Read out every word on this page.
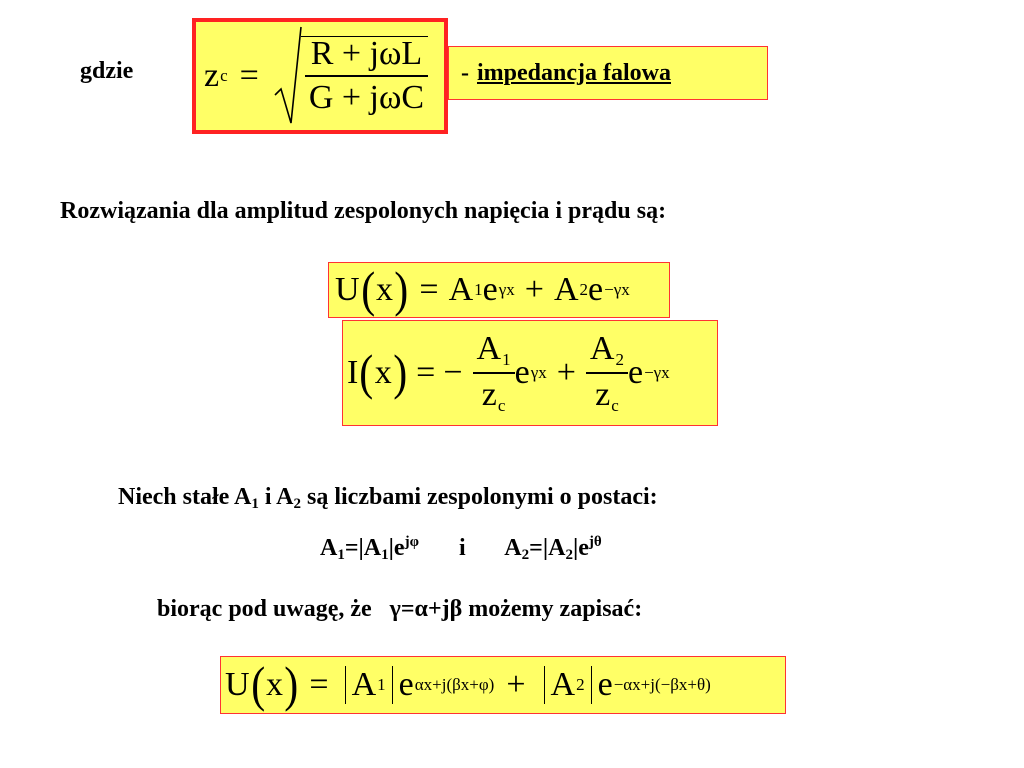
gdzie z $c = \frac{\text{R + jωL}}{\text{G + jωC}}$ - impedancja falowa
Rozwiązania dla amplitud zespolonych napięcia i prądu są:
U ( x ) = A 1 e γx + A 2 e −γx
I ( x ) = − $\frac{A_1}{z_c}$ e $\gamma x + \frac{A_2}{z_c}$ e −γx
Niech stałe A1 i A2 są liczbami zespolonymi o postaci:
$A1=|A1|e^{j\varphi}$ i $A2=|A2|e^{j\theta}$
biorąc pod uwagę, że   γ=α+jβ możemy zapisać:
U ( x ) = A 1 e αx+j(βx+φ) + A 2 e −αx+j(−βx+θ)
